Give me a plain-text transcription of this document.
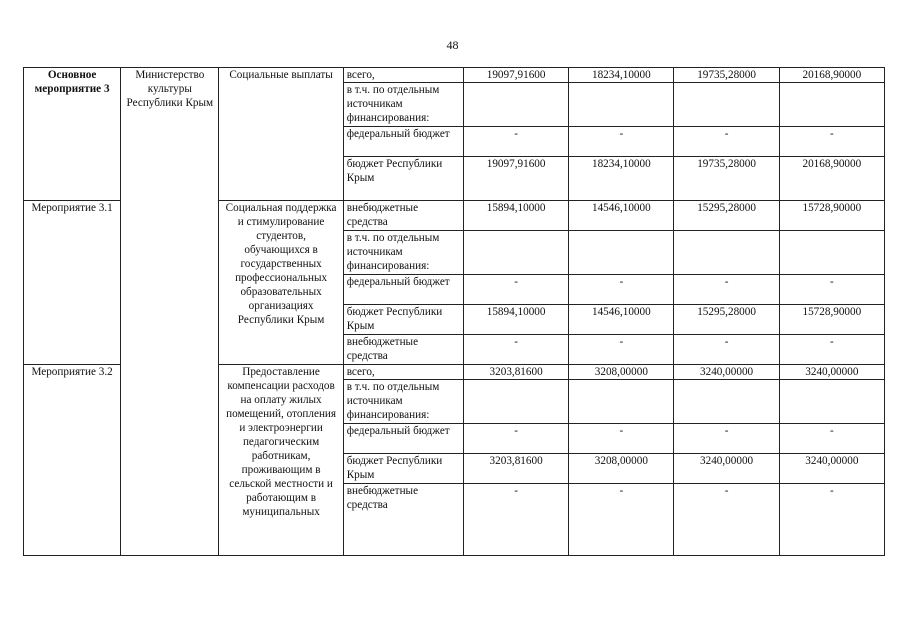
48
Основное мероприятие 3	Министерство культуры Республики Крым	Социальные выплаты	всего,	19097,91600	18234,10000	19735,28000	20168,90000
			в т.ч. по отдельным источникам финансирования:				
			федеральный бюджет	-	-	-	-
			бюджет Республики Крым	19097,91600	18234,10000	19735,28000	20168,90000
Мероприятие 3.1		Социальная поддержка и стимулирование студентов, обучающихся в государственных профессиональных образовательных организациях Республики Крым	внебюджетные средства	15894,10000	14546,10000	15295,28000	15728,90000
			в т.ч. по отдельным источникам финансирования:				
			федеральный бюджет	-	-	-	-
			бюджет Республики Крым	15894,10000	14546,10000	15295,28000	15728,90000
			внебюджетные средства	-	-	-	-
Мероприятие 3.2		Предоставление компенсации расходов на оплату жилых помещений, отопления и электроэнергии педагогическим работникам, проживающим в сельской местности и работающим в муниципальных	всего,	3203,81600	3208,00000	3240,00000	3240,00000
			в т.ч. по отдельным источникам финансирования:				
			федеральный бюджет	-	-	-	-
			бюджет Республики Крым	3203,81600	3208,00000	3240,00000	3240,00000
			внебюджетные средства	-	-	-	-
